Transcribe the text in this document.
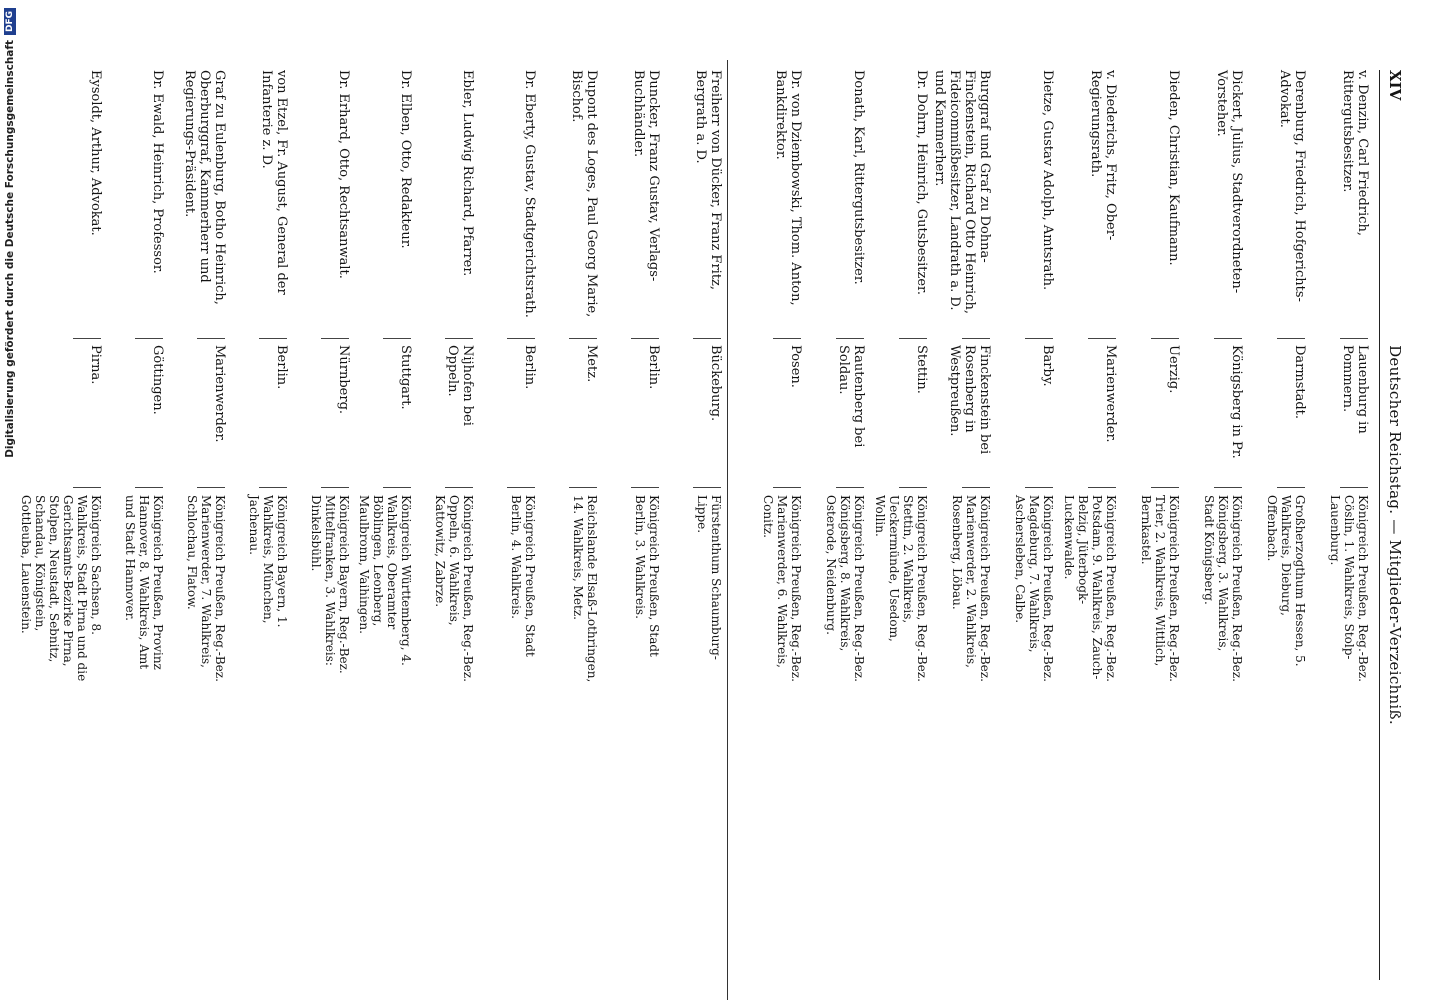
Digitalisierung gefördert durch die Deutsche Forschungsgemeinschaft
DFG
XIV
Deutscher Reichstag. — Mitglieder-Verzeichniß.
v. Denzin, Carl Friedrich, Rittergutsbesitzer.
Lauenburg in Pommern.
Königreich Preußen, Reg.-Bez. Cöslin, 1. Wahlkreis, Stolp-Lauenburg.
Derenburg, Friedrich, Hofgerichts-Advokat.
Darmstadt.
Großherzogthum Hessen, 5. Wahlkreis, Dieburg, Offenbach.
Dickert, Julius, Stadtverordneten-Vorsteher.
Königsberg in Pr.
Königreich Preußen, Reg.-Bez. Königsberg, 3. Wahlkreis, Stadt Königsberg.
Dieden, Christian, Kaufmann.
Uerzig.
Königreich Preußen, Reg.-Bez. Trier, 2. Wahlkreis, Wittlich, Bernkastel.
v. Diederichs, Fritz, Ober-Regierungsrath.
Marienwerder.
Königreich Preußen, Reg.-Bez. Potsdam, 9. Wahlkreis, Zauch-Belzig, Jüterbogk-Luckenwalde.
Dietze, Gustav Adolph, Amtsrath.
Barby.
Königreich Preußen, Reg.-Bez. Magdeburg, 7. Wahlkreis, Aschersleben, Calbe.
Burggraf und Graf zu Dohna-Finckenstein, Richard Otto Heinrich, Fideicommißbesitzer, Landrath a. D. und Kammerherr.
Finckenstein bei Rosenberg in Westpreußen.
Königreich Preußen, Reg.-Bez. Marienwerder, 2. Wahlkreis, Rosenberg, Löbau.
Dr. Dohrn, Heinrich, Gutsbesitzer.
Stettin.
Königreich Preußen, Reg.-Bez. Stettin, 2. Wahlkreis, Ueckermünde, Usedom, Wollin.
Donath, Karl, Rittergutsbesitzer.
Rautenberg bei Soldau.
Königreich Preußen, Reg.-Bez. Königsberg, 8. Wahlkreis, Osterode, Neidenburg.
Dr. von Dziembowski, Thom. Anton, Bankdirektor.
Posen.
Königreich Preußen, Reg.-Bez. Marienwerder, 6. Wahlkreis, Conitz.
Freiherr von Dücker, Franz Fritz, Bergrath a. D.
Bückeburg.
Fürstenthum Schaumburg-Lippe.
Duncker, Franz Gustav, Verlags-Buchhändler.
Berlin.
Königreich Preußen, Stadt Berlin, 3. Wahlkreis.
Dupont des Loges, Paul Georg Marie, Bischof.
Metz.
Reichslande Elsaß-Lothringen, 14. Wahlkreis, Metz.
Dr. Eberty, Gustav, Stadtgerichtsrath.
Berlin.
Königreich Preußen, Stadt Berlin, 4. Wahlkreis.
Ebler, Ludwig Richard, Pfarrer.
Nijhofen bei Oppeln.
Königreich Preußen, Reg.-Bez. Oppeln, 6. Wahlkreis, Kattowitz, Zabrze.
Dr. Elben, Otto, Redakteur.
Stuttgart.
Königreich Württemberg, 4. Wahlkreis, Oberamter Böblingen, Leonberg, Maulbronn, Vaihingen.
Dr. Erhard, Otto, Rechtsanwalt.
Nürnberg.
Königreich Bayern, Reg.-Bez. Mittelfranken, 3. Wahlkreis: Dinkelsbühl.
von Etzel, Fr. August, General der Infanterie z. D.
Berlin.
Königreich Bayern, 1. Wahlkreis, München, Jachenau.
Graf zu Eulenburg, Botho Heinrich, Oberburggraf, Kammerherr und Regierungs-Präsident.
Marienwerder.
Königreich Preußen, Reg.-Bez. Marienwerder, 7. Wahlkreis, Schlochau, Flatow.
Dr. Ewald, Heinrich, Professor.
Göttingen.
Königreich Preußen, Provinz Hannover, 8. Wahlkreis, Amt und Stadt Hannover.
Eysoldt, Arthur, Advokat.
Pirna.
Königreich Sachsen, 8. Wahlkreis, Stadt Pirna und die Gerichtsamts-Bezirke Pirna, Stolpen, Neustadt, Sebnitz, Schandau, Königstein, Gottleuba, Lauenstein.
